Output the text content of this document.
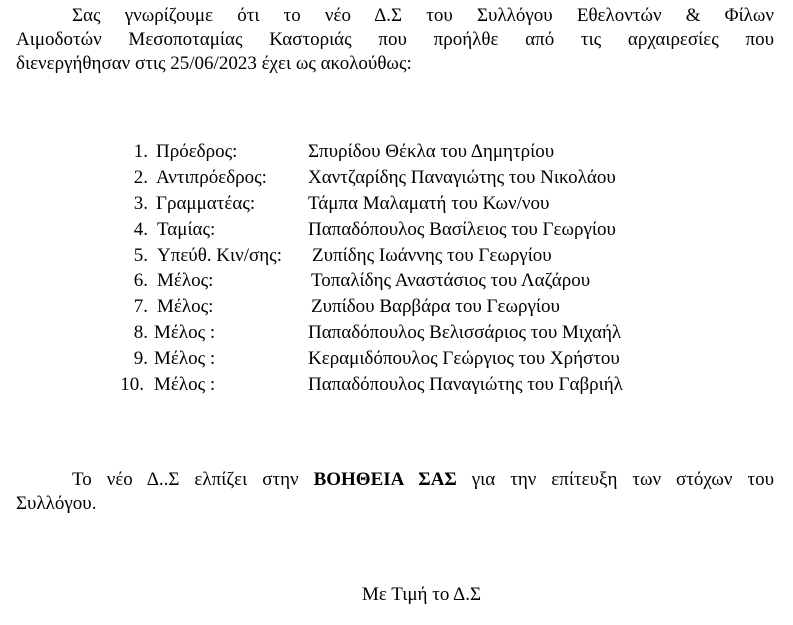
Σας γνωρίζουμε ότι το νέο Δ.Σ του Συλλόγου Εθελοντών & Φίλων
Αιμοδοτών Μεσοποταμίας Καστοριάς που προήλθε από τις αρχαιρεσίες που
διενεργήθησαν στις 25/06/2023 έχει ως ακολούθως:
1. Πρόεδρος:	Σπυρίδου Θέκλα του Δημητρίου
2. Αντιπρόεδρος: Χαντζαρίδης Παναγιώτης του Νικολάου
3. Γραμματέας:	Τάμπα Μαλαματή του Κων/νου
4. Ταμίας:	Παπαδόπουλος Βασίλειος του Γεωργίου
5. Υπεύθ. Κιν/σης: Ζυπίδης Ιωάννης του Γεωργίου
6. Μέλος:	Τοπαλίδης Αναστάσιος του Λαζάρου
7. Μέλος:	Ζυπίδου Βαρβάρα του Γεωργίου
8. Μέλος :	Παπαδόπουλος Βελισσάριος του Μιχαήλ
9. Μέλος :	Κεραμιδόπουλος Γεώργιος του Χρήστου
10. Μέλος :	Παπαδόπουλος Παναγιώτης του Γαβριήλ
Το νέο Δ..Σ ελπίζει στην ΒΟΗΘΕΙΑ ΣΑΣ για την επίτευξη των στόχων του
Συλλόγου.
Με Τιμή το Δ.Σ
